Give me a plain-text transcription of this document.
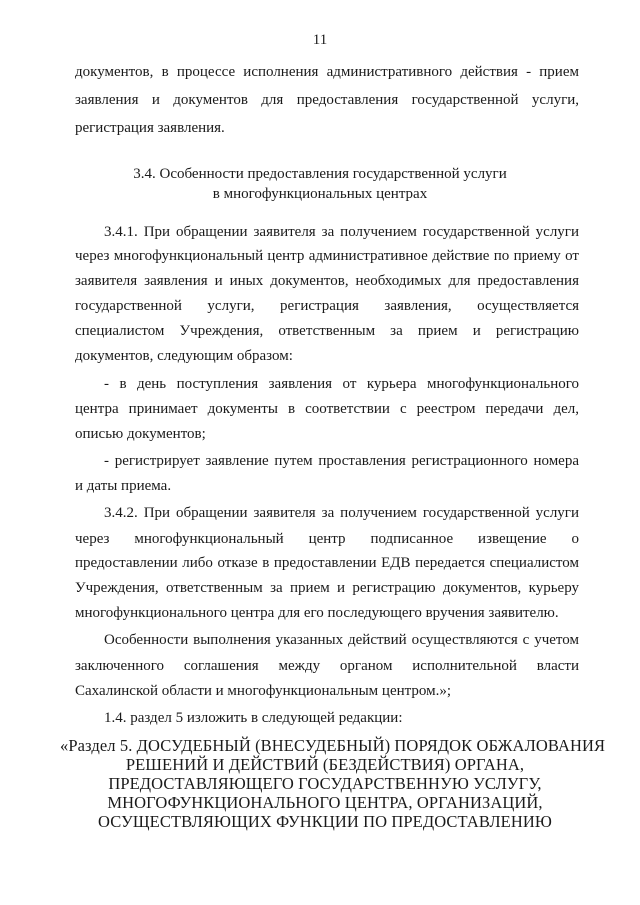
11
документов, в процессе исполнения административного действия - прием
заявления и документов для предоставления государственной услуги,
регистрация заявления.
3.4. Особенности предоставления государственной услуги
в многофункциональных центрах
3.4.1. При обращении заявителя за получением государственной услуги
через многофункциональный центр административное действие по приему от
заявителя заявления и иных документов, необходимых для предоставления
государственной услуги, регистрация заявления, осуществляется
специалистом Учреждения, ответственным за прием и регистрацию
документов, следующим образом:
- в день поступления заявления от курьера многофункционального
центра принимает документы в соответствии с реестром передачи дел,
описью документов;
- регистрирует заявление путем проставления регистрационного номера
и даты приема.
3.4.2. При обращении заявителя за получением государственной услуги
через многофункциональный центр подписанное извещение о
предоставлении либо отказе в предоставлении ЕДВ передается специалистом
Учреждения, ответственным за прием и регистрацию документов, курьеру
многофункционального центра для его последующего вручения заявителю.
Особенности выполнения указанных действий осуществляются с учетом
заключенного соглашения между органом исполнительной власти
Сахалинской области и многофункциональным центром.»;
1.4. раздел 5 изложить в следующей редакции:
«Раздел 5. ДОСУДЕБНЫЙ (ВНЕСУДЕБНЫЙ) ПОРЯДОК ОБЖАЛОВАНИЯ
РЕШЕНИЙ И ДЕЙСТВИЙ (БЕЗДЕЙСТВИЯ) ОРГАНА,
ПРЕДОСТАВЛЯЮЩЕГО ГОСУДАРСТВЕННУЮ УСЛУГУ,
МНОГОФУНКЦИОНАЛЬНОГО ЦЕНТРА, ОРГАНИЗАЦИЙ,
ОСУЩЕСТВЛЯЮЩИХ ФУНКЦИИ ПО ПРЕДОСТАВЛЕНИЮ
